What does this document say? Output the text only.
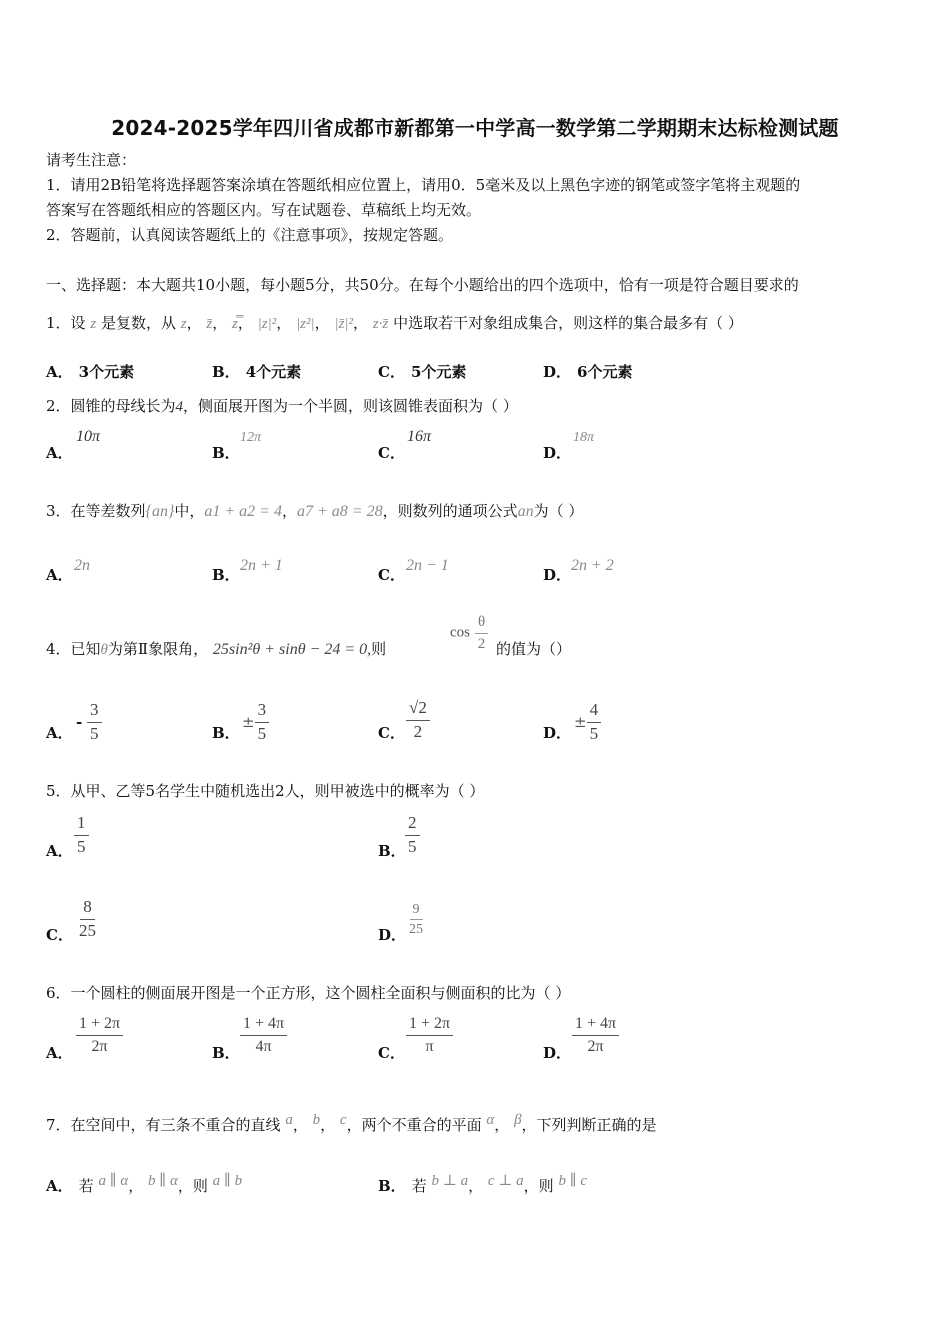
2024-2025学年四川省成都市新都第一中学高一数学第二学期期末达标检测试题
请考生注意：
1．请用2B铅笔将选择题答案涂填在答题纸相应位置上，请用0．5毫米及以上黑色字迹的钢笔或签字笔将主观题的
答案写在答题纸相应的答题区内。写在试题卷、草稿纸上均无效。
2．答题前，认真阅读答题纸上的《注意事项》，按规定答题。
一、选择题：本大题共10小题，每小题5分，共50分。在每个小题给出的四个选项中，恰有一项是符合题目要求的
1．设 z 是复数，从 z， z̄， z̿， |z|²， |z²|， |z̄|²， z·z̄ 中选取若干对象组成集合，则这样的集合最多有（ ）
A． 3个元素	B． 4个元素	C． 5个元素	D． 6个元素
2．圆锥的母线长为4，侧面展开图为一个半圆，则该圆锥表面积为（ ）
A．
10π
B．
12π
C．
16π
D．
18π
3．在等差数列{an}中，a1 + a2 = 4，a7 + a8 = 28，则数列的通项公式an为（ ）
A．
2n
B．
2n + 1
C．
2n − 1
D．
2n + 2
4．已知θ为第Ⅱ象限角， 25sin²θ + sinθ − 24 = 0,则
$\cos \frac{\theta}{2}$ 的值为（）
A．
- $\frac{3}{5}$	B．
± $\frac{3}{5}$	C． $\frac{√2}{2}$	D．
± $\frac{4}{5}$
5．从甲、乙等5名学生中随机选出2人，则甲被选中的概率为（ ）
A． $\frac{1}{5}$	B． $\frac{2}{5}$
C． $\frac{8}{25}$	D． $\frac{9}{25}$
6．一个圆柱的侧面展开图是一个正方形，这个圆柱全面积与侧面积的比为（ ）
A． $\frac{1 + 2\pi}{2\pi}$	B． $\frac{1 + 4\pi}{4\pi}$	C． $\frac{1 + 2\pi}{\pi}$	D． $\frac{1 + 4\pi}{2\pi}$
7．在空间中，有三条不重合的直线 a， b， c，两个不重合的平面 α， β，下列判断正确的是
A． 若 a ∥ α， b ∥ α，则 a ∥ b	B． 若 b ⊥ a， c ⊥ a，则 b ∥ c
